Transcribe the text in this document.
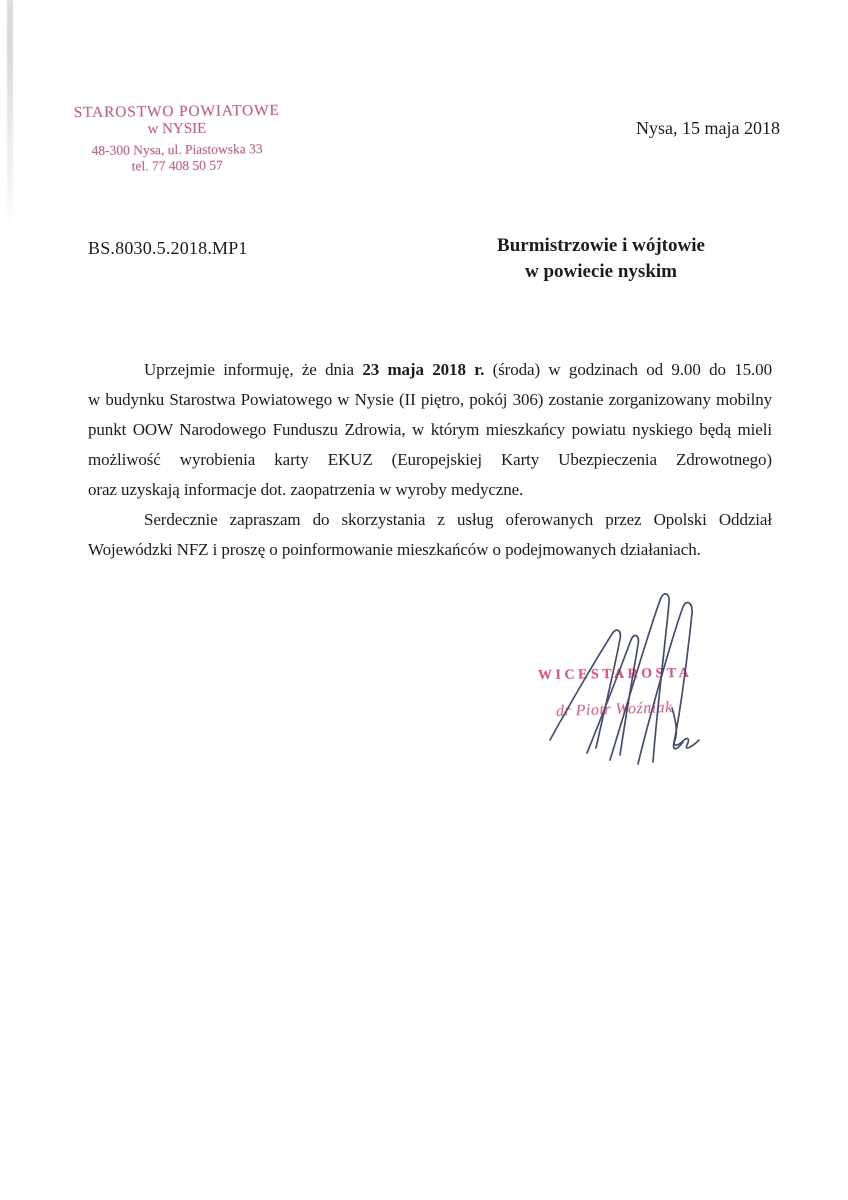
STAROSTWO POWIATOWE
w NYSIE
48-300 Nysa, ul. Piastowska 33
tel. 77 408 50 57
Nysa, 15 maja 2018
BS.8030.5.2018.MP1	Burmistrzowie i wójtowie
w powiecie nyskim
Uprzejmie informuję, że dnia 23 maja 2018 r. (środa) w godzinach od 9.00 do 15.00
w budynku Starostwa Powiatowego w Nysie (II piętro, pokój 306) zostanie zorganizowany mobilny
punkt OOW Narodowego Funduszu Zdrowia, w którym mieszkańcy powiatu nyskiego będą mieli
możliwość wyrobienia karty EKUZ (Europejskiej Karty Ubezpieczenia Zdrowotnego)
oraz uzyskają informacje dot. zaopatrzenia w wyroby medyczne.
Serdecznie zapraszam do skorzystania z usług oferowanych przez Opolski Oddział
Wojewódzki NFZ i proszę o poinformowanie mieszkańców o podejmowanych działaniach.
WICESTAROSTA
dr Piotr Woźniak
